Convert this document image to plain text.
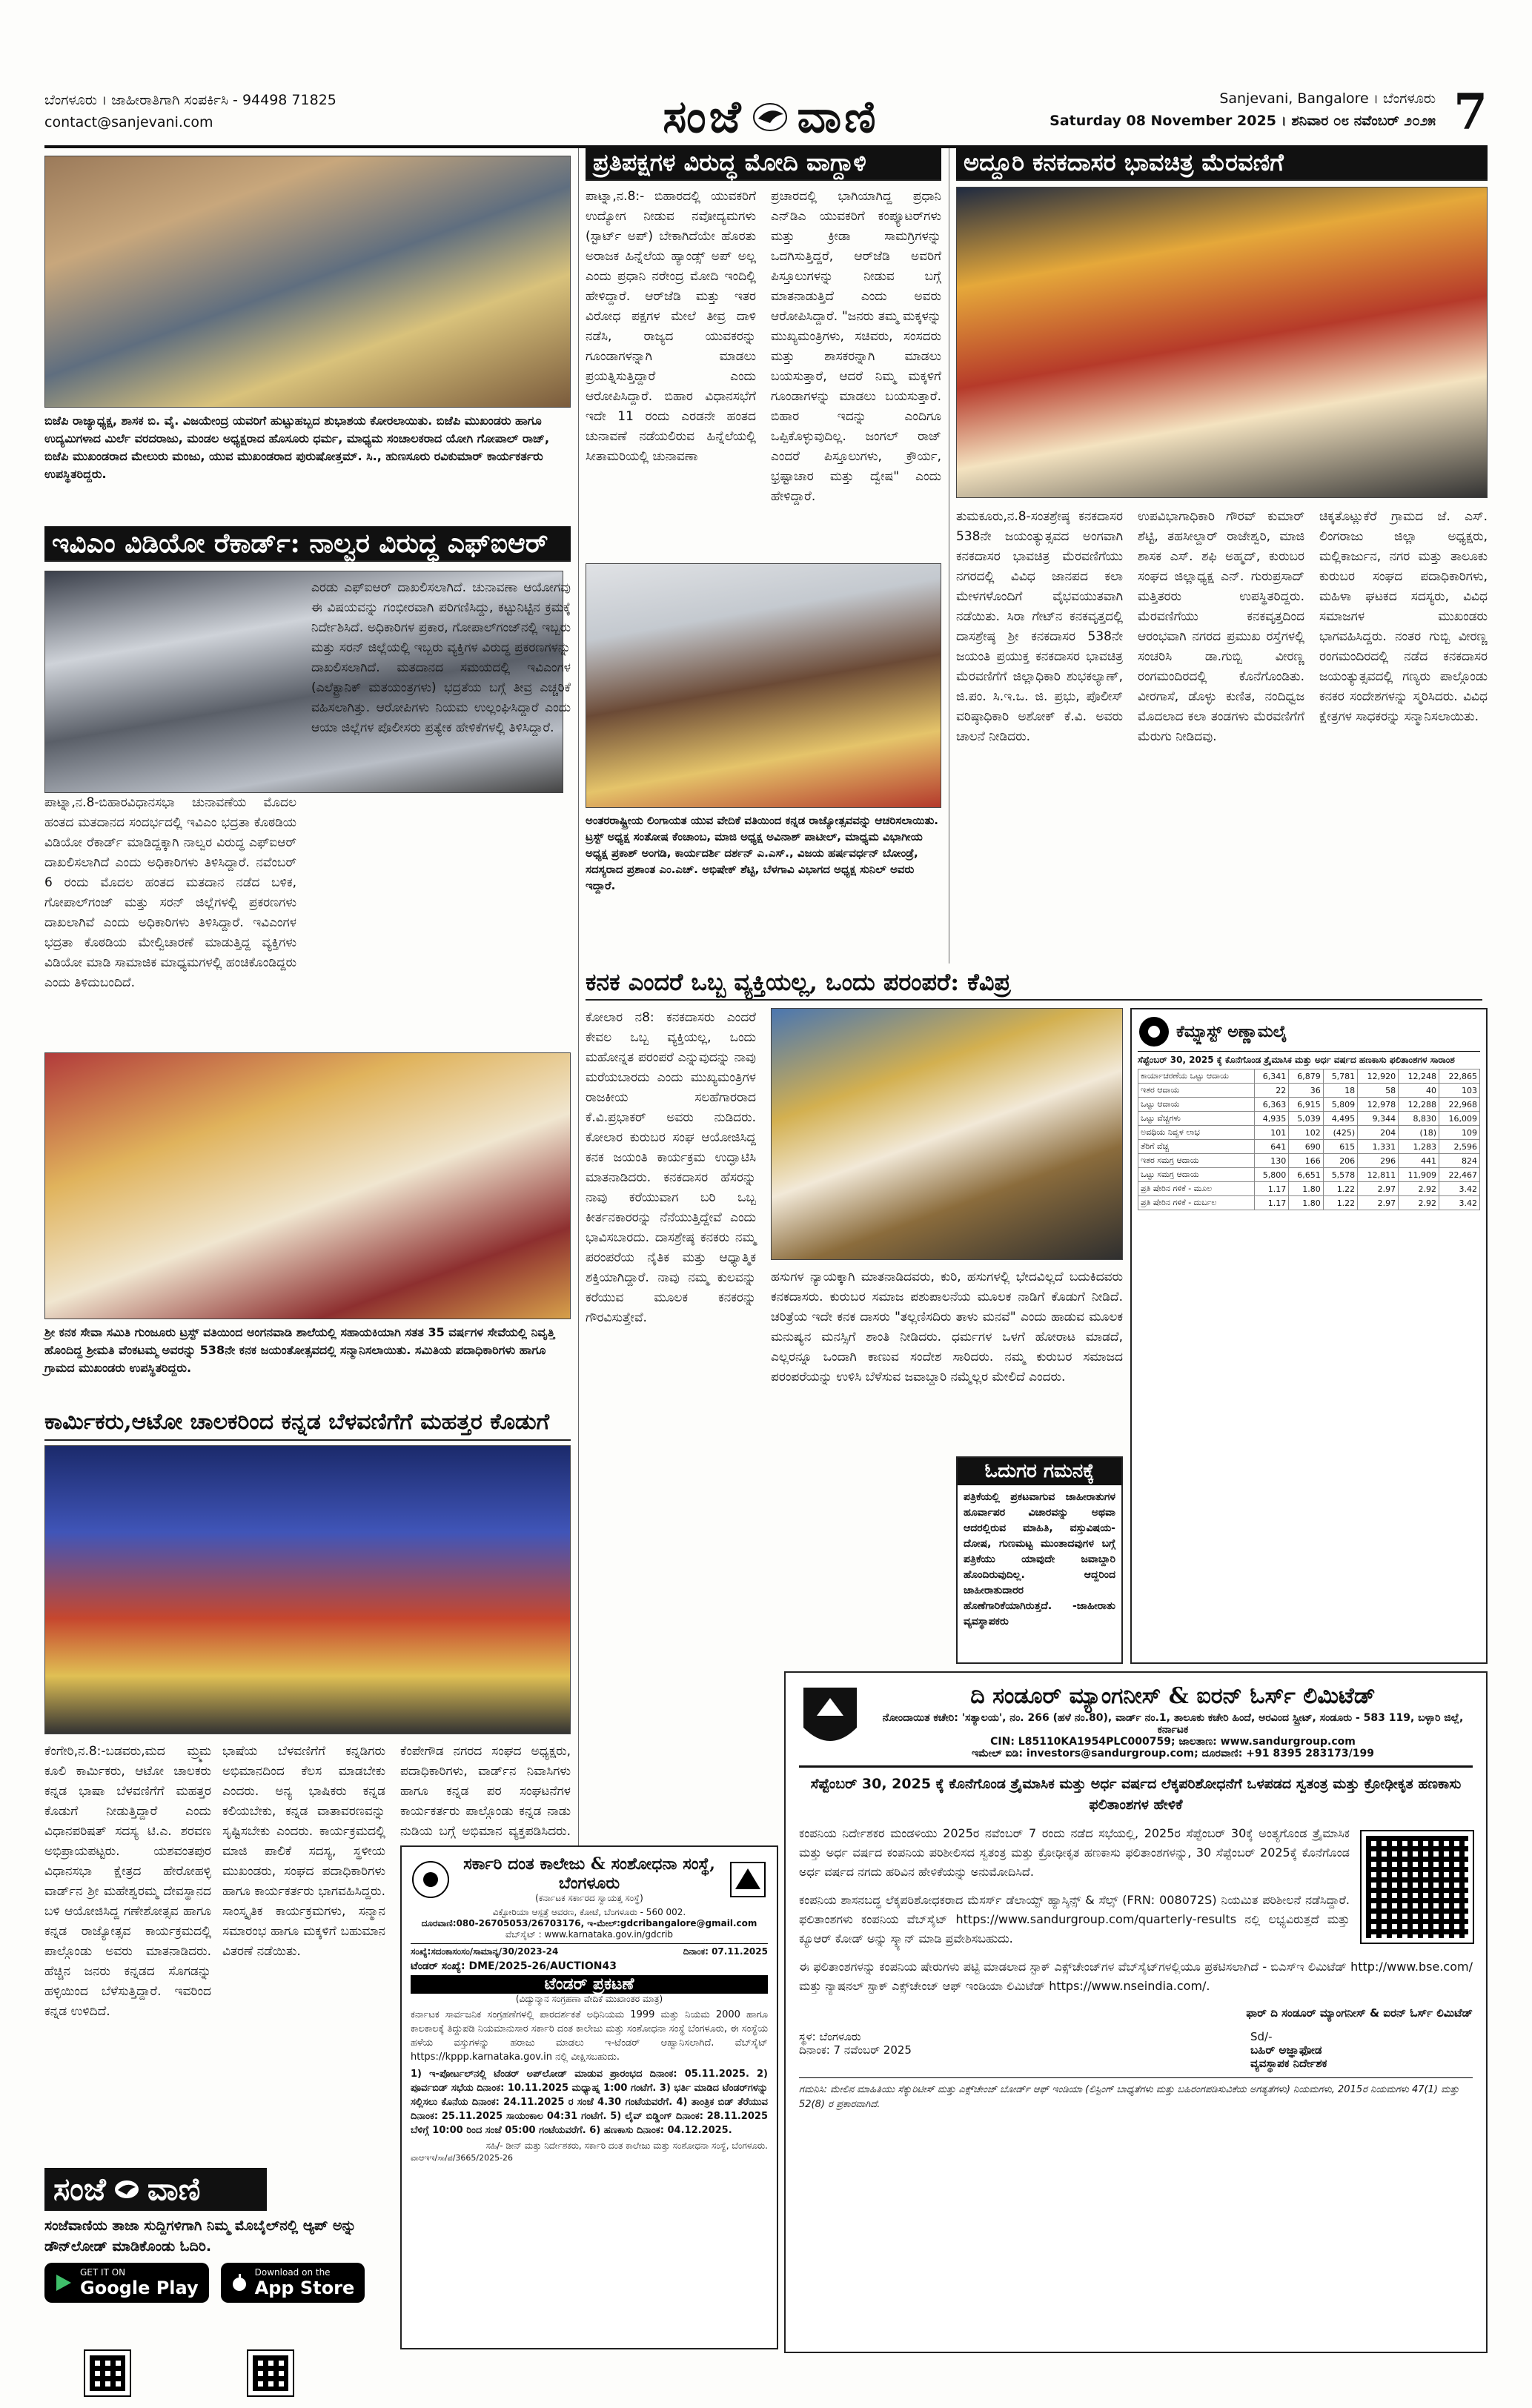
ಬೆಂಗಳೂರು । ಜಾಹೀರಾತಿಗಾಗಿ ಸಂಪರ್ಕಿಸಿ - 94498 71825
contact@sanjevani.com	ಸಂಜೆ ವಾಣಿ	Sanjevani, Bangalore । ಬೆಂಗಳೂರು
Saturday 08 November 2025 । ಶನಿವಾರ ೦೮ ನವೆಂಬರ್ ೨೦೨೫ 7
ಬಿಜೆಪಿ ರಾಜ್ಯಾಧ್ಯಕ್ಷ, ಶಾಸಕ ಬಿ. ವೈ. ವಿಜಯೇಂದ್ರ ಯವರಿಗೆ ಹುಟ್ಟುಹಬ್ಬದ ಶುಭಾಶಯ ಕೋರಲಾಯಿತು. ಬಿಜೆಪಿ ಮುಖಂಡರು ಹಾಗೂ ಉದ್ಯಮಿಗಳಾದ ಮಿರ್ಲೆ ವರದರಾಜು, ಮಂಡಲ ಅಧ್ಯಕ್ಷರಾದ ಹೊಸೂರು ಧರ್ಮ, ಮಾಧ್ಯಮ ಸಂಚಾಲಕರಾದ ಯೋಗಿ ಗೋಪಾಲ್ ರಾಜ್, ಬಿಜೆಪಿ ಮುಖಂಡರಾದ ಮೇಲುರು ಮಂಜು, ಯುವ ಮುಖಂಡರಾದ ಪುರುಷೋತ್ತಮ್. ಸಿ., ಹುಣಸೂರು ರವಿಕುಮಾರ್ ಕಾರ್ಯಕರ್ತರು ಉಪಸ್ಥಿತರಿದ್ದರು.
ಇವಿಎಂ ವಿಡಿಯೋ ರೆಕಾರ್ಡ್: ನಾಲ್ವರ ವಿರುದ್ಧ ಎಫ್‌ಐಆರ್
ಪಾಟ್ನಾ,ನ.8-ಬಿಹಾರವಿಧಾನಸಭಾ ಚುನಾವಣೆಯ ಮೊದಲ ಹಂತದ ಮತದಾನದ ಸಂದರ್ಭದಲ್ಲಿ ಇವಿಎಂ ಭದ್ರತಾ ಕೊಠಡಿಯ ವಿಡಿಯೋ ರೆಕಾರ್ಡ್ ಮಾಡಿದ್ದಕ್ಕಾಗಿ ನಾಲ್ವರ ವಿರುದ್ಧ ಎಫ್‌ಐಆರ್ ದಾಖಲಿಸಲಾಗಿದೆ ಎಂದು ಅಧಿಕಾರಿಗಳು ತಿಳಿಸಿದ್ದಾರೆ. ನವೆಂಬರ್ 6 ರಂದು ಮೊದಲ ಹಂತದ ಮತದಾನ ನಡೆದ ಬಳಿಕ, ಗೋಪಾಲ್‌ಗಂಜ್ ಮತ್ತು ಸರನ್ ಜಿಲ್ಲೆಗಳಲ್ಲಿ ಪ್ರಕರಣಗಳು ದಾಖಲಾಗಿವೆ ಎಂದು ಅಧಿಕಾರಿಗಳು ತಿಳಿಸಿದ್ದಾರೆ. ಇವಿಎಂಗಳ ಭದ್ರತಾ ಕೊಠಡಿಯ ಮೇಲ್ವಿಚಾರಣೆ ಮಾಡುತ್ತಿದ್ದ ವ್ಯಕ್ತಿಗಳು ವಿಡಿಯೋ ಮಾಡಿ ಸಾಮಾಜಿಕ ಮಾಧ್ಯಮಗಳಲ್ಲಿ ಹಂಚಿಕೊಂಡಿದ್ದರು ಎಂದು ತಿಳಿದುಬಂದಿದೆ.
ಎರಡು ಎಫ್‌ಐಆರ್ ದಾಖಲಿಸಲಾಗಿದೆ. ಚುನಾವಣಾ ಆಯೋಗವು ಈ ವಿಷಯವನ್ನು ಗಂಭೀರವಾಗಿ ಪರಿಗಣಿಸಿದ್ದು, ಕಟ್ಟುನಿಟ್ಟಿನ ಕ್ರಮಕ್ಕೆ ನಿರ್ದೇಶಿಸಿದೆ. ಅಧಿಕಾರಿಗಳ ಪ್ರಕಾರ, ಗೋಪಾಲ್‌ಗಂಜ್‌ನಲ್ಲಿ ಇಬ್ಬರು ಮತ್ತು ಸರನ್ ಜಿಲ್ಲೆಯಲ್ಲಿ ಇಬ್ಬರು ವ್ಯಕ್ತಿಗಳ ವಿರುದ್ಧ ಪ್ರಕರಣಗಳನ್ನು ದಾಖಲಿಸಲಾಗಿದೆ. ಮತದಾನದ ಸಮಯದಲ್ಲಿ ಇವಿಎಂಗಳ (ಎಲೆಕ್ಟ್ರಾನಿಕ್ ಮತಯಂತ್ರಗಳು) ಭದ್ರತೆಯ ಬಗ್ಗೆ ತೀವ್ರ ಎಚ್ಚರಿಕೆ ವಹಿಸಲಾಗಿತ್ತು. ಆರೋಪಿಗಳು ನಿಯಮ ಉಲ್ಲಂಘಿಸಿದ್ದಾರೆ ಎಂದು ಆಯಾ ಜಿಲ್ಲೆಗಳ ಪೊಲೀಸರು ಪ್ರತ್ಯೇಕ ಹೇಳಿಕೆಗಳಲ್ಲಿ ತಿಳಿಸಿದ್ದಾರೆ.
ಶ್ರೀ ಕನಕ ಸೇವಾ ಸಮಿತಿ ಗುಂಜೂರು ಟ್ರಸ್ಟ್ ವತಿಯಿಂದ ಅಂಗನವಾಡಿ ಶಾಲೆಯಲ್ಲಿ ಸಹಾಯಕಿಯಾಗಿ ಸತತ 35 ವರ್ಷಗಳ ಸೇವೆಯಲ್ಲಿ ನಿವೃತ್ತಿ ಹೊಂದಿದ್ದ ಶ್ರೀಮತಿ ವೆಂಕಟಮ್ಮ ಅವರನ್ನು 538ನೇ ಕನಕ ಜಯಂತೋತ್ಸವದಲ್ಲಿ ಸನ್ಮಾನಿಸಲಾಯಿತು. ಸಮಿತಿಯ ಪದಾಧಿಕಾರಿಗಳು ಹಾಗೂ ಗ್ರಾಮದ ಮುಖಂಡರು ಉಪಸ್ಥಿತರಿದ್ದರು.
ಕಾರ್ಮಿಕರು,ಆಟೋ ಚಾಲಕರಿಂದ ಕನ್ನಡ ಬೆಳವಣಿಗೆಗೆ ಮಹತ್ತರ ಕೊಡುಗೆ
ಕೆಂಗೇರಿ,ನ.8:-ಬಡವರು,ಮದ ಮ್ರ್ಮಮ ಕೂಲಿ ಕಾರ್ಮಿಕರು, ಆಟೋ ಚಾಲಕರು ಕನ್ನಡ ಭಾಷಾ ಬೆಳವಣಿಗೆಗೆ ಮಹತ್ತರ ಕೊಡುಗೆ ನೀಡುತ್ತಿದ್ದಾರೆ ಎಂದು ವಿಧಾನಪರಿಷತ್ ಸದಸ್ಯ ಟಿ.ಎ. ಶರವಣ ಅಭಿಪ್ರಾಯಪಟ್ಟರು. ಯಶವಂತಪುರ ವಿಧಾನಸಭಾ ಕ್ಷೇತ್ರದ ಹೇರೋಹಳ್ಳಿ ವಾರ್ಡ್‌ನ ಶ್ರೀ ಮಹೇಶ್ವರಮ್ಮ ದೇವಸ್ಥಾನದ ಬಳಿ ಆಯೋಜಿಸಿದ್ದ ಗಣೇಶೋತ್ಸವ ಹಾಗೂ ಕನ್ನಡ ರಾಜ್ಯೋತ್ಸವ ಕಾರ್ಯಕ್ರಮದಲ್ಲಿ ಪಾಲ್ಗೊಂಡು ಅವರು ಮಾತನಾಡಿದರು. ಹೆಚ್ಚಿನ ಜನರು ಕನ್ನಡದ ಸೊಗಡನ್ನು ಹಳ್ಳಿಯಿಂದ ಬೆಳೆಸುತ್ತಿದ್ದಾರೆ. ಇವರಿಂದ ಕನ್ನಡ ಉಳಿದಿದೆ.
ಭಾಷೆಯ ಬೆಳವಣಿಗೆಗೆ ಕನ್ನಡಿಗರು ಅಭಿಮಾನದಿಂದ ಕೆಲಸ ಮಾಡಬೇಕು ಎಂದರು. ಅನ್ಯ ಭಾಷಿಕರು ಕನ್ನಡ ಕಲಿಯಬೇಕು, ಕನ್ನಡ ವಾತಾವರಣವನ್ನು ಸೃಷ್ಟಿಸಬೇಕು ಎಂದರು. ಕಾರ್ಯಕ್ರಮದಲ್ಲಿ ಮಾಜಿ ಪಾಲಿಕೆ ಸದಸ್ಯ, ಸ್ಥಳೀಯ ಮುಖಂಡರು, ಸಂಘದ ಪದಾಧಿಕಾರಿಗಳು ಹಾಗೂ ಕಾರ್ಯಕರ್ತರು ಭಾಗವಹಿಸಿದ್ದರು. ಸಾಂಸ್ಕೃತಿಕ ಕಾರ್ಯಕ್ರಮಗಳು, ಸನ್ಮಾನ ಸಮಾರಂಭ ಹಾಗೂ ಮಕ್ಕಳಿಗೆ ಬಹುಮಾನ ವಿತರಣೆ ನಡೆಯಿತು.
ಕೆಂಪೇಗೌಡ ನಗರದ ಸಂಘದ ಅಧ್ಯಕ್ಷರು, ಪದಾಧಿಕಾರಿಗಳು, ವಾರ್ಡ್‌ನ ನಿವಾಸಿಗಳು ಹಾಗೂ ಕನ್ನಡ ಪರ ಸಂಘಟನೆಗಳ ಕಾರ್ಯಕರ್ತರು ಪಾಲ್ಗೊಂಡು ಕನ್ನಡ ನಾಡು ನುಡಿಯ ಬಗ್ಗೆ ಅಭಿಮಾನ ವ್ಯಕ್ತಪಡಿಸಿದರು.
ಸರ್ಕಾರಿ ದಂತ ಕಾಲೇಜು & ಸಂಶೋಧನಾ ಸಂಸ್ಥೆ, ಬೆಂಗಳೂರು
(ಕರ್ನಾಟಕ ಸರ್ಕಾರದ ಸ್ವಾಯತ್ತ ಸಂಸ್ಥೆ)
ವಿಕ್ಟೋರಿಯಾ ಆಸ್ಪತ್ರೆ ಆವರಣ, ಕೋಟೆ, ಬೆಂಗಳೂರು - 560 002.
ದೂರವಾಣಿ:080-26705053/26703176, ಇ-ಮೇಲ್:gdcribangalore@gmail.com
ವೆಬ್‌ಸೈಟ್ : www.karnataka.gov.in/gdcrib
ಸಂಖ್ಯೆ:ಸದಂಕಾಸಂಸಂ/ಸಾಮಾನ್ಯ/30/2023-24	ದಿನಾಂಕ: 07.11.2025
ಟೆಂಡರ್ ಸಂಖ್ಯೆ: DME/2025-26/AUCTION43
ಟೆಂಡರ್ ಪ್ರಕಟಣೆ
(ವಿದ್ಯುನ್ಮಾನ ಸಂಗ್ರಹಣಾ ವೇದಿಕೆ ಮುಖಾಂತರ ಮಾತ್ರ)
ಕರ್ನಾಟಕ ಸಾರ್ವಜನಿಕ ಸಂಗ್ರಹಣೆಗಳಲ್ಲಿ ಪಾರದರ್ಶಕತೆ ಅಧಿನಿಯಮ 1999 ಮತ್ತು ನಿಯಮ 2000 ಹಾಗೂ ಕಾಲಕಾಲಕ್ಕೆ ತಿದ್ದುಪಡಿ ನಿಯಮಾನುಸಾರ ಸರ್ಕಾರಿ ದಂತ ಕಾಲೇಜು ಮತ್ತು ಸಂಶೋಧನಾ ಸಂಸ್ಥೆ ಬೆಂಗಳೂರು, ಈ ಸಂಸ್ಥೆಯ ಹಳೆಯ ವಸ್ತುಗಳನ್ನು ಹರಾಜು ಮಾಡಲು ಇ-ಟೆಂಡರ್ ಆಹ್ವಾನಿಸಲಾಗಿದೆ. ವೆಬ್‌ಸೈಟ್ https://kppp.karnataka.gov.in ನಲ್ಲಿ ವೀಕ್ಷಿಸಬಹುದು.
1) ಇ-ಪೋರ್ಟಲ್‌ನಲ್ಲಿ ಟೆಂಡರ್ ಅಪ್‌ಲೋಡ್ ಮಾಡುವ ಪ್ರಾರಂಭದ ದಿನಾಂಕ: 05.11.2025. 2) ಪೂರ್ವಬಿಡ್ ಸಭೆಯ ದಿನಾಂಕ: 10.11.2025 ಮಧ್ಯಾಹ್ನ 1:00 ಗಂಟೆಗೆ. 3) ಭರ್ತಿ ಮಾಡಿದ ಟೆಂಡರ್‌ಗಳನ್ನು ಸಲ್ಲಿಸಲು ಕೊನೆಯ ದಿನಾಂಕ: 24.11.2025 ರ ಸಂಜೆ 4.30 ಗಂಟೆಯವರೆಗೆ. 4) ತಾಂತ್ರಿಕ ಬಿಡ್ ತೆರೆಯುವ ದಿನಾಂಕ: 25.11.2025 ಸಾಯಂಕಾಲ 04:31 ಗಂಟೆಗೆ. 5) ಲೈವ್ ಬಿಡ್ಡಿಂಗ್ ದಿನಾಂಕ: 28.11.2025 ಬೆಳಿಗ್ಗೆ 10:00 ರಿಂದ ಸಂಜೆ 05:00 ಗಂಟೆಯವರೆಗೆ. 6) ಹಣಕಾಸು ದಿನಾಂಕ: 04.12.2025.
ಸಹಿ/- ಡೀನ್ ಮತ್ತು ನಿರ್ದೇಶಕರು, ಸರ್ಕಾರಿ ದಂತ ಕಾಲೇಜು ಮತ್ತು ಸಂಶೋಧನಾ ಸಂಸ್ಥೆ, ಬೆಂಗಳೂರು.
ವಾಆಇಇ/ಸಾ/ಪ/3665/2025-26
ಸಂಜೆ ವಾಣಿ
ಸಂಜೆವಾಣಿಯ ತಾಜಾ ಸುದ್ದಿಗಳಿಗಾಗಿ ನಿಮ್ಮ ಮೊಬೈಲ್‌ನಲ್ಲಿ ಆ್ಯಪ್ ಅನ್ನು ಡೌನ್‌ಲೋಡ್ ಮಾಡಿಕೊಂಡು ಓದಿರಿ.
GET IT ON
Google Play
Download on the
App Store
ಪ್ರತಿಪಕ್ಷಗಳ ವಿರುದ್ಧ ಮೋದಿ ವಾಗ್ದಾಳಿ
ಪಾಟ್ನಾ,ನ.8:- ಬಿಹಾರದಲ್ಲಿ ಯುವಕರಿಗೆ ಉದ್ಯೋಗ ನೀಡುವ ನವೋದ್ಯಮಗಳು (ಸ್ಟಾರ್ಟ್ ಅಪ್) ಬೇಕಾಗಿದೆಯೇ ಹೊರತು ಅರಾಜಕ ಹಿನ್ನೆಲೆಯ ಹ್ಯಾಂಡ್ಸ್ ಅಪ್ ಅಲ್ಲ ಎಂದು ಪ್ರಧಾನಿ ನರೇಂದ್ರ ಮೋದಿ ಇಂದಿಲ್ಲಿ ಹೇಳಿದ್ದಾರೆ. ಆರ್‌ಜೆಡಿ ಮತ್ತು ಇತರ ವಿರೋಧ ಪಕ್ಷಗಳ ಮೇಲೆ ತೀವ್ರ ದಾಳಿ ನಡೆಸಿ, ರಾಜ್ಯದ ಯುವಕರನ್ನು ಗೂಂಡಾಗಳನ್ನಾಗಿ ಮಾಡಲು ಪ್ರಯತ್ನಿಸುತ್ತಿದ್ದಾರೆ ಎಂದು ಆರೋಪಿಸಿದ್ದಾರೆ. ಬಿಹಾರ ವಿಧಾನಸಭೆಗೆ ಇದೇ 11 ರಂದು ಎರಡನೇ ಹಂತದ ಚುನಾವಣೆ ನಡೆಯಲಿರುವ ಹಿನ್ನೆಲೆಯಲ್ಲಿ ಸೀತಾಮರಿಯಲ್ಲಿ ಚುನಾವಣಾ
ಪ್ರಚಾರದಲ್ಲಿ ಭಾಗಿಯಾಗಿದ್ದ ಪ್ರಧಾನಿ ಎನ್‌ಡಿಎ ಯುವಕರಿಗೆ ಕಂಪ್ಯೂಟರ್‌ಗಳು ಮತ್ತು ಕ್ರೀಡಾ ಸಾಮಗ್ರಿಗಳನ್ನು ಒದಗಿಸುತ್ತಿದ್ದರೆ, ಆರ್‌ಜೆಡಿ ಅವರಿಗೆ ಪಿಸ್ತೂಲುಗಳನ್ನು ನೀಡುವ ಬಗ್ಗೆ ಮಾತನಾಡುತ್ತಿದೆ ಎಂದು ಅವರು ಆರೋಪಿಸಿದ್ದಾರೆ. "ಜನರು ತಮ್ಮ ಮಕ್ಕಳನ್ನು ಮುಖ್ಯಮಂತ್ರಿಗಳು, ಸಚಿವರು, ಸಂಸದರು ಮತ್ತು ಶಾಸಕರನ್ನಾಗಿ ಮಾಡಲು ಬಯಸುತ್ತಾರೆ, ಆದರೆ ನಿಮ್ಮ ಮಕ್ಕಳಿಗೆ ಗೂಂಡಾಗಳನ್ನು ಮಾಡಲು ಬಯಸುತ್ತಾರೆ. ಬಿಹಾರ ಇದನ್ನು ಎಂದಿಗೂ ಒಪ್ಪಿಕೊಳ್ಳುವುದಿಲ್ಲ. ಜಂಗಲ್ ರಾಜ್ ಎಂದರೆ ಪಿಸ್ತೂಲುಗಳು, ಕ್ರೌರ್ಯ, ಭ್ರಷ್ಟಾಚಾರ ಮತ್ತು ದ್ವೇಷ" ಎಂದು ಹೇಳಿದ್ದಾರೆ.
ಅಂತರರಾಷ್ಟ್ರೀಯ ಲಿಂಗಾಯತ ಯುವ ವೇದಿಕೆ ವತಿಯಿಂದ ಕನ್ನಡ ರಾಜ್ಯೋತ್ಸವವನ್ನು ಆಚರಿಸಲಾಯಿತು. ಟ್ರಸ್ಟ್ ಅಧ್ಯಕ್ಷ ಸಂತೋಷ ಕೆಂಚಾಂಬ, ಮಾಜಿ ಅಧ್ಯಕ್ಷ ಅವಿನಾಶ್ ಪಾಟೀಲ್, ಮಾಧ್ಯಮ ವಿಭಾಗೀಯ ಅಧ್ಯಕ್ಷ ಪ್ರಕಾಶ್ ಅಂಗಡಿ, ಕಾರ್ಯದರ್ಶಿ ದರ್ಶನ್ ಎ.ಎಸ್., ವಿಜಯ ಹರ್ಷವರ್ಧನ್ ಬೋಂಡ್ರೆ, ಸದಸ್ಯರಾದ ಪ್ರಶಾಂತ ಎಂ.ಎಚ್. ಅಭಿಷೇಕ್ ಶೆಟ್ಟಿ, ಬೆಳಗಾವಿ ವಿಭಾಗದ ಅಧ್ಯಕ್ಷ ಸುನಿಲ್ ಅವರು ಇದ್ದಾರೆ.
ಕನಕ ಎಂದರೆ ಒಬ್ಬ ವ್ಯಕ್ತಿಯಲ್ಲ, ಒಂದು ಪರಂಪರೆ: ಕೆವಿಪ್ರ
ಕೋಲಾರ ನ8: ಕನಕದಾಸರು ಎಂದರೆ ಕೇವಲ ಒಬ್ಬ ವ್ಯಕ್ತಿಯಲ್ಲ, ಒಂದು ಮಹೋನ್ನತ ಪರಂಪರೆ ಎನ್ನುವುದನ್ನು ನಾವು ಮರೆಯಬಾರದು ಎಂದು ಮುಖ್ಯಮಂತ್ರಿಗಳ ರಾಜಕೀಯ ಸಲಹೆಗಾರರಾದ ಕೆ.ವಿ.ಪ್ರಭಾಕರ್ ಅವರು ನುಡಿದರು. ಕೋಲಾರ ಕುರುಬರ ಸಂಘ ಆಯೋಜಿಸಿದ್ದ ಕನಕ ಜಯಂತಿ ಕಾರ್ಯಕ್ರಮ ಉದ್ಘಾಟಿಸಿ ಮಾತನಾಡಿದರು. ಕನಕದಾಸರ ಹೆಸರನ್ನು ನಾವು ಕರೆಯುವಾಗ ಬರಿ ಒಬ್ಬ ಕೀರ್ತನಕಾರರನ್ನು ನೆನೆಯುತ್ತಿದ್ದೇವೆ ಎಂದು ಭಾವಿಸಬಾರದು. ದಾಸಶ್ರೇಷ್ಠ ಕನಕರು ನಮ್ಮ ಪರಂಪರೆಯ ನೈತಿಕ ಮತ್ತು ಆಧ್ಯಾತ್ಮಿಕ ಶಕ್ತಿಯಾಗಿದ್ದಾರೆ. ನಾವು ನಮ್ಮ ಕುಲವನ್ನು ಕರೆಯುವ ಮೂಲಕ ಕನಕರನ್ನು ಗೌರವಿಸುತ್ತೇವೆ.
ಹಸುಗಳ ನ್ಯಾಯಕ್ಕಾಗಿ ಮಾತನಾಡಿದವರು, ಕುರಿ, ಹಸುಗಳಲ್ಲಿ ಭೇದವಿಲ್ಲದೆ ಬದುಕಿದವರು ಕನಕದಾಸರು. ಕುರುಬರ ಸಮಾಜ ಪಶುಪಾಲನೆಯ ಮೂಲಕ ನಾಡಿಗೆ ಕೊಡುಗೆ ನೀಡಿದೆ. ಚರಿತ್ರೆಯ ಇದೇ ಕನಕ ದಾಸರು "ತಲ್ಲಣಿಸದಿರು ತಾಳು ಮನವೆ" ಎಂದು ಹಾಡುವ ಮೂಲಕ ಮನುಷ್ಯನ ಮನಸ್ಸಿಗೆ ಶಾಂತಿ ನೀಡಿದರು. ಧರ್ಮಗಳ ಒಳಗೆ ಹೋರಾಟ ಮಾಡದೆ, ಎಲ್ಲರನ್ನೂ ಒಂದಾಗಿ ಕಾಣುವ ಸಂದೇಶ ಸಾರಿದರು. ನಮ್ಮ ಕುರುಬರ ಸಮಾಜದ ಪರಂಪರೆಯನ್ನು ಉಳಿಸಿ ಬೆಳೆಸುವ ಜವಾಬ್ದಾರಿ ನಮ್ಮೆಲ್ಲರ ಮೇಲಿದೆ ಎಂದರು.
ಓದುಗರ ಗಮನಕ್ಕೆ
ಪತ್ರಿಕೆಯಲ್ಲಿ ಪ್ರಕಟವಾಗುವ ಜಾಹೀರಾತುಗಳ ಹೂರ್ವಾಪರ ವಿಚಾರವನ್ನು ಅಥವಾ ಆದರಲ್ಲಿರುವ ಮಾಹಿತಿ, ವಸ್ತುವಿಷಯ-ದೋಷ, ಗುಣಮಟ್ಟ ಮುಂತಾದವುಗಳ ಬಗ್ಗೆ ಪತ್ರಿಕೆಯು ಯಾವುದೇ ಜವಾಬ್ದಾರಿ ಹೊಂದಿರುವುದಿಲ್ಲ. ಆದ್ದರಿಂದ ಜಾಹೀರಾತುದಾರರ ಹೊಣೆಗಾರಿಕೆಯಾಗಿರುತ್ತದೆ. -ಜಾಹೀರಾತು ವ್ಯವಸ್ಥಾಪಕರು
ಅದ್ದೂರಿ ಕನಕದಾಸರ ಭಾವಚಿತ್ರ ಮೆರವಣಿಗೆ
ತುಮಕೂರು,ನ.8-ಸಂತಶ್ರೇಷ್ಠ ಕನಕದಾಸರ 538ನೇ ಜಯಂತ್ಯುತ್ಸವದ ಅಂಗವಾಗಿ ಕನಕದಾಸರ ಭಾವಚಿತ್ರ ಮೆರವಣಿಗೆಯು ನಗರದಲ್ಲಿ ವಿವಿಧ ಜಾನಪದ ಕಲಾ ಮೇಳಗಳೊಂದಿಗೆ ವೈಭವಯುತವಾಗಿ ನಡೆಯಿತು. ಸಿರಾ ಗೇಟ್‌ನ ಕನಕವೃತ್ತದಲ್ಲಿ ದಾಸಶ್ರೇಷ್ಠ ಶ್ರೀ ಕನಕದಾಸರ 538ನೇ ಜಯಂತಿ ಪ್ರಯುಕ್ತ ಕನಕದಾಸರ ಭಾವಚಿತ್ರ ಮೆರವಣಿಗೆಗೆ ಜಿಲ್ಲಾಧಿಕಾರಿ ಶುಭಕಲ್ಯಾಣ್, ಜಿ.ಪಂ. ಸಿ.ಇ.ಒ. ಜಿ. ಪ್ರಭು, ಪೊಲೀಸ್ ವರಿಷ್ಠಾಧಿಕಾರಿ ಅಶೋಕ್ ಕೆ.ವಿ. ಅವರು ಚಾಲನೆ ನೀಡಿದರು.
ಉಪವಿಭಾಗಾಧಿಕಾರಿ ಗೌರವ್ ಕುಮಾರ್ ಶೆಟ್ಟಿ, ತಹಸೀಲ್ದಾರ್ ರಾಜೇಶ್ವರಿ, ಮಾಜಿ ಶಾಸಕ ಎಸ್. ಶಫಿ ಅಹ್ಮದ್, ಕುರುಬರ ಸಂಘದ ಜಿಲ್ಲಾಧ್ಯಕ್ಷ ಎನ್. ಗುರುಪ್ರಸಾದ್ ಮತ್ತಿತರರು ಉಪಸ್ಥಿತರಿದ್ದರು. ಮೆರವಣಿಗೆಯು ಕನಕವೃತ್ತದಿಂದ ಆರಂಭವಾಗಿ ನಗರದ ಪ್ರಮುಖ ರಸ್ತೆಗಳಲ್ಲಿ ಸಂಚರಿಸಿ ಡಾ.ಗುಬ್ಬಿ ವೀರಣ್ಣ ರಂಗಮಂದಿರದಲ್ಲಿ ಕೊನೆಗೊಂಡಿತು. ವೀರಗಾಸೆ, ಡೊಳ್ಳು ಕುಣಿತ, ನಂದಿಧ್ವಜ ಮೊದಲಾದ ಕಲಾ ತಂಡಗಳು ಮೆರವಣಿಗೆಗೆ ಮೆರುಗು ನೀಡಿದವು.
ಚಿಕ್ಕತೊಟ್ಲುಕೆರೆ ಗ್ರಾಮದ ಜೆ. ಎಸ್. ಲಿಂಗರಾಜು ಜಿಲ್ಲಾ ಅಧ್ಯಕ್ಷರು, ಮಲ್ಲಿಕಾರ್ಜುನ, ನಗರ ಮತ್ತು ತಾಲೂಕು ಕುರುಬರ ಸಂಘದ ಪದಾಧಿಕಾರಿಗಳು, ಮಹಿಳಾ ಘಟಕದ ಸದಸ್ಯರು, ವಿವಿಧ ಸಮಾಜಗಳ ಮುಖಂಡರು ಭಾಗವಹಿಸಿದ್ದರು. ನಂತರ ಗುಬ್ಬಿ ವೀರಣ್ಣ ರಂಗಮಂದಿರದಲ್ಲಿ ನಡೆದ ಕನಕದಾಸರ ಜಯಂತ್ಯುತ್ಸವದಲ್ಲಿ ಗಣ್ಯರು ಪಾಲ್ಗೊಂಡು ಕನಕರ ಸಂದೇಶಗಳನ್ನು ಸ್ಮರಿಸಿದರು. ವಿವಿಧ ಕ್ಷೇತ್ರಗಳ ಸಾಧಕರನ್ನು ಸನ್ಮಾನಿಸಲಾಯಿತು.
ಕೆಮ್ಪ್ಲಾಸ್ಟ್ ಅಣ್ಣಾಮಲೈ
ಸೆಪ್ಟೆಂಬರ್ 30, 2025 ಕ್ಕೆ ಕೊನೆಗೊಂಡ ತ್ರೈಮಾಸಿಕ ಮತ್ತು ಅರ್ಧ ವರ್ಷದ ಹಣಕಾಸು ಫಲಿತಾಂಶಗಳ ಸಾರಾಂಶ
ಕಾರ್ಯಾಚರಣೆಯ ಒಟ್ಟು ಆದಾಯ	6,341	6,879	5,781	12,920	12,248	22,865
ಇತರ ಆದಾಯ	22	36	18	58	40	103
ಒಟ್ಟು ಆದಾಯ	6,363	6,915	5,809	12,978	12,288	22,968
ಒಟ್ಟು ವೆಚ್ಚಗಳು	4,935	5,039	4,495	9,344	8,830	16,009
ಅವಧಿಯ ನಿವ್ವಳ ಲಾಭ	101	102	(425)	204	(18)	109
ತೆರಿಗೆ ವೆಚ್ಚ	641	690	615	1,331	1,283	2,596
ಇತರ ಸಮಗ್ರ ಆದಾಯ	130	166	206	296	441	824
ಒಟ್ಟು ಸಮಗ್ರ ಆದಾಯ	5,800	6,651	5,578	12,811	11,909	22,467
ಪ್ರತಿ ಷೇರಿನ ಗಳಿಕೆ - ಮೂಲ	1.17	1.80	1.22	2.97	2.92	3.42
ಪ್ರತಿ ಷೇರಿನ ಗಳಿಕೆ - ದುರ್ಬಲ	1.17	1.80	1.22	2.97	2.92	3.42
ದಿ ಸಂಡೂರ್ ಮ್ಯಾಂಗನೀಸ್ & ಐರನ್ ಓರ್ಸ್ ಲಿಮಿಟೆಡ್
ನೋಂದಾಯಿತ ಕಚೇರಿ: 'ಸತ್ಯಾಲಯ', ನಂ. 266 (ಹಳೆ ನಂ.80), ವಾರ್ಡ್ ನಂ.1, ತಾಲೂಕು ಕಚೇರಿ ಹಿಂದೆ, ಅರವಿಂದ ಸ್ಟ್ರೀಟ್, ಸಂಡೂರು - 583 119, ಬಳ್ಳಾರಿ ಜಿಲ್ಲೆ, ಕರ್ನಾಟಕ
CIN: L85110KA1954PLC000759; ಜಾಲತಾಣ: www.sandurgroup.com
ಇಮೇಲ್ ಐಡಿ: investors@sandurgroup.com; ದೂರವಾಣಿ: +91 8395 283173/199
ಸೆಪ್ಟೆಂಬರ್ 30, 2025 ಕ್ಕೆ ಕೊನೆಗೊಂಡ ತ್ರೈಮಾಸಿಕ ಮತ್ತು ಅರ್ಧ ವರ್ಷದ ಲೆಕ್ಕಪರಿಶೋಧನೆಗೆ ಒಳಪಡದ ಸ್ವತಂತ್ರ ಮತ್ತು ಕ್ರೋಢೀಕೃತ ಹಣಕಾಸು ಫಲಿತಾಂಶಗಳ ಹೇಳಿಕೆ
ಕಂಪನಿಯ ನಿರ್ದೇಶಕರ ಮಂಡಳಿಯು 2025ರ ನವೆಂಬರ್ 7 ರಂದು ನಡೆದ ಸಭೆಯಲ್ಲಿ, 2025ರ ಸೆಪ್ಟೆಂಬರ್ 30ಕ್ಕೆ ಅಂತ್ಯಗೊಂಡ ತ್ರೈಮಾಸಿಕ ಮತ್ತು ಅರ್ಧ ವರ್ಷದ ಕಂಪನಿಯ ಪರಿಶೀಲಿಸದ ಸ್ವತಂತ್ರ ಮತ್ತು ಕ್ರೋಢೀಕೃತ ಹಣಕಾಸು ಫಲಿತಾಂಶಗಳನ್ನು, 30 ಸೆಪ್ಟೆಂಬರ್ 2025ಕ್ಕೆ ಕೊನೆಗೊಂಡ ಅರ್ಧ ವರ್ಷದ ನಗದು ಹರಿವಿನ ಹೇಳಿಕೆಯನ್ನು ಅನುಮೋದಿಸಿದೆ.
ಕಂಪನಿಯ ಶಾಸನಬದ್ಧ ಲೆಕ್ಕಪರಿಶೋಧಕರಾದ ಮೆಸರ್ಸ್ ಡೆಲಾಯ್ಟ್ ಹ್ಯಾಸ್ಕಿನ್ಸ್ & ಸೆಲ್ಸ್ (FRN: 008072S) ನಿಯಮಿತ ಪರಿಶೀಲನೆ ನಡೆಸಿದ್ದಾರೆ. ಫಲಿತಾಂಶಗಳು ಕಂಪನಿಯ ವೆಬ್‌ಸೈಟ್ https://www.sandurgroup.com/quarterly-results ನಲ್ಲಿ ಲಭ್ಯವಿರುತ್ತದೆ ಮತ್ತು ಕ್ಯೂಆರ್ ಕೋಡ್ ಅನ್ನು ಸ್ಕ್ಯಾನ್ ಮಾಡಿ ಪ್ರವೇಶಿಸಬಹುದು.
ಈ ಫಲಿತಾಂಶಗಳನ್ನು ಕಂಪನಿಯ ಷೇರುಗಳು ಪಟ್ಟಿ ಮಾಡಲಾದ ಸ್ಟಾಕ್ ಎಕ್ಸ್‌ಚೇಂಜ್‌ಗಳ ವೆಬ್‌ಸೈಟ್‌ಗಳಲ್ಲಿಯೂ ಪ್ರಕಟಿಸಲಾಗಿದೆ - ಬಿಎಸ್‌ಇ ಲಿಮಿಟೆಡ್ http://www.bse.com/ ಮತ್ತು ನ್ಯಾಷನಲ್ ಸ್ಟಾಕ್ ಎಕ್ಸ್‌ಚೇಂಜ್ ಆಫ್ ಇಂಡಿಯಾ ಲಿಮಿಟೆಡ್ https://www.nseindia.com/.
ಫಾರ್ ದಿ ಸಂಡೂರ್ ಮ್ಯಾಂಗನೀಸ್ & ಐರನ್ ಓರ್ಸ್ ಲಿಮಿಟೆಡ್
ಸ್ಥಳ: ಬೆಂಗಳೂರು
ದಿನಾಂಕ: 7 ನವೆಂಬರ್ 2025
Sd/-
ಬಹಿರ್ ಅಜ್ಞಾಫೋಡ
ವ್ಯವಸ್ಥಾಪಕ ನಿರ್ದೇಶಕ
ಗಮನಿಸಿ: ಮೇಲಿನ ಮಾಹಿತಿಯು ಸೆಕ್ಯುರಿಟೀಸ್ ಮತ್ತು ಎಕ್ಸ್‌ಚೇಂಜ್ ಬೋರ್ಡ್ ಆಫ್ ಇಂಡಿಯಾ (ಲಿಸ್ಟಿಂಗ್ ಬಾಧ್ಯತೆಗಳು ಮತ್ತು ಬಹಿರಂಗಪಡಿಸುವಿಕೆಯ ಅಗತ್ಯತೆಗಳು) ನಿಯಮಗಳು, 2015ರ ನಿಯಮಗಳು 47(1) ಮತ್ತು 52(8) ರ ಪ್ರಕಾರವಾಗಿದೆ.
